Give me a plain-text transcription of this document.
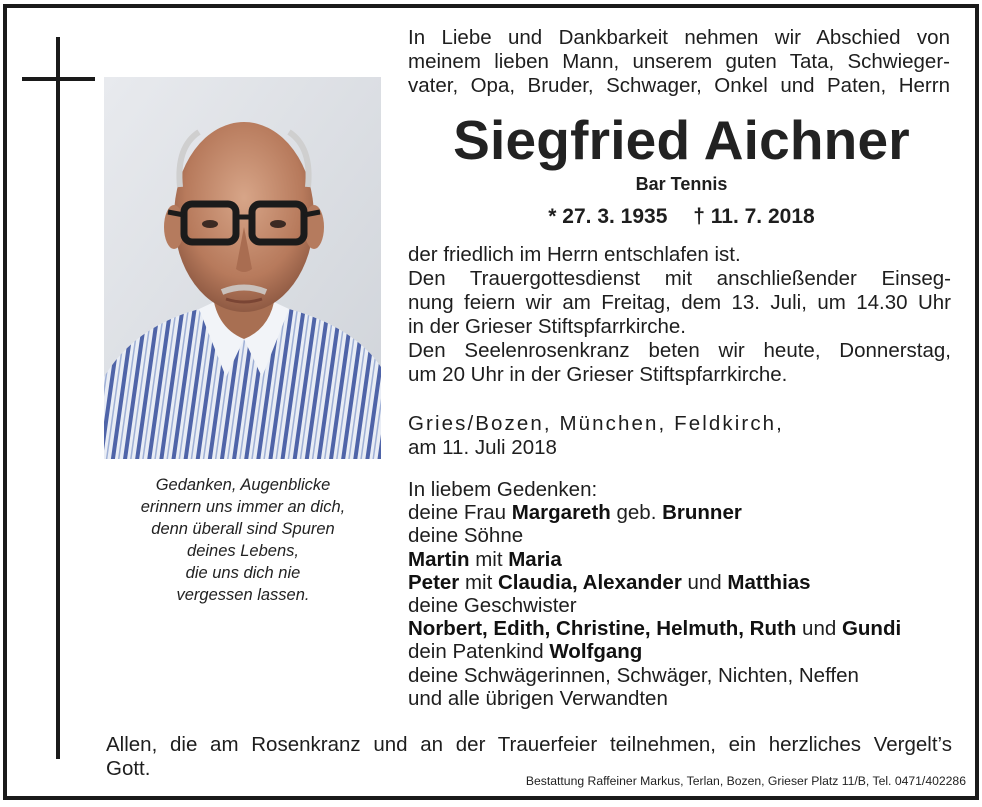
Gedanken, Augenblicke
erinnern uns immer an dich,
denn überall sind Spuren
deines Lebens,
die uns dich nie
vergessen lassen.
In Liebe und Dankbarkeit nehmen wir Abschied von
meinem lieben Mann, unserem guten Tata, Schwieger-
vater, Opa, Bruder, Schwager, Onkel und Paten, Herrn
Siegfried Aichner
Bar Tennis
* 27. 3. 1935 † 11. 7. 2018
der friedlich im Herrn entschlafen ist.
Den Trauergottesdienst mit anschließender Einseg-
nung feiern wir am Freitag, dem 13. Juli, um 14.30 Uhr
in der Grieser Stiftspfarrkirche.
Den Seelenrosenkranz beten wir heute, Donnerstag,
um 20 Uhr in der Grieser Stiftspfarrkirche.
Gries/Bozen, München, Feldkirch,
am 11. Juli 2018
In liebem Gedenken:
deine Frau Margareth geb. Brunner
deine Söhne
Martin mit Maria
Peter mit Claudia, Alexander und Matthias
deine Geschwister
Norbert, Edith, Christine, Helmuth, Ruth und Gundi
dein Patenkind Wolfgang
deine Schwägerinnen, Schwäger, Nichten, Neffen
und alle übrigen Verwandten
Allen, die am Rosenkranz und an der Trauerfeier teilnehmen, ein herzliches Vergelt’s
Gott.
Bestattung Raffeiner Markus, Terlan, Bozen, Grieser Platz 11/B, Tel. 0471/402286
